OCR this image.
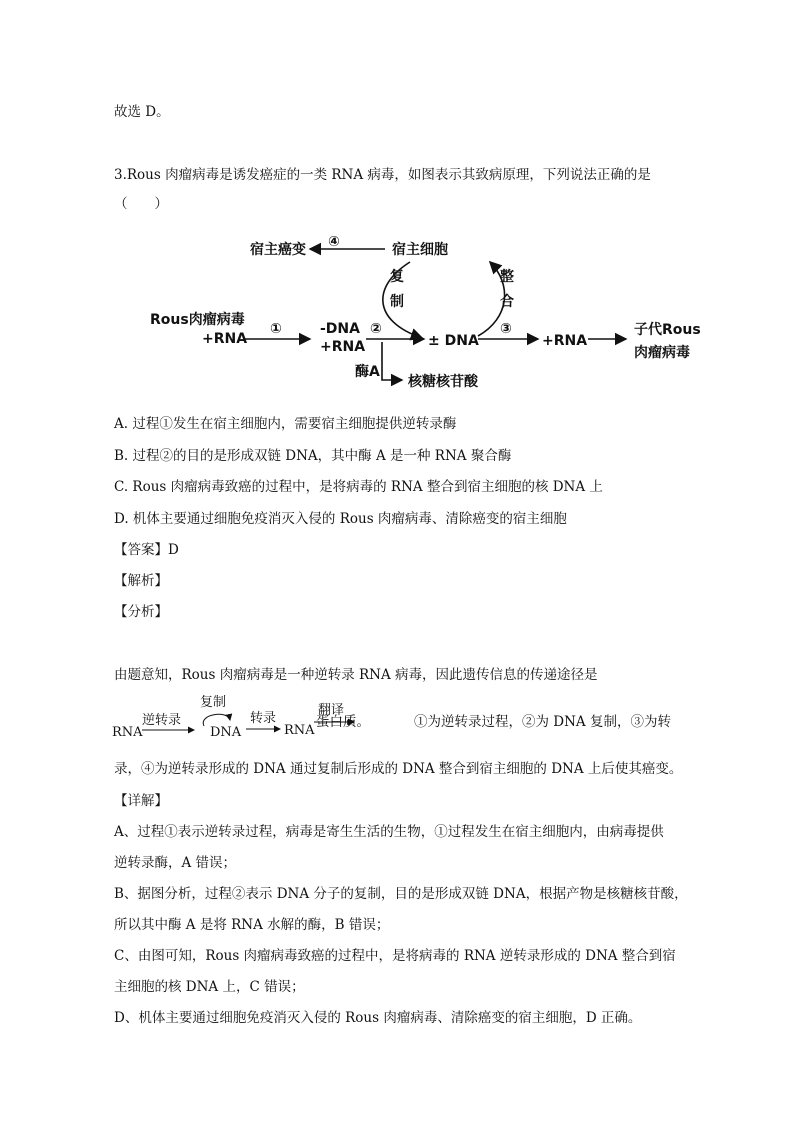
故选 D。
3.Rous 肉瘤病毒是诱发癌症的一类 RNA 病毒，如图表示其致病原理，下列说法正确的是
（　　）
宿主癌变 ④	宿主细胞
复
制
整
合
Rous肉瘤病毒
+RNA
①	-DNA
+RNA
②
± DNA
③
+RNA
子代Rous
肉瘤病毒
酶A
核糖核苷酸
A. 过程①发生在宿主细胞内，需要宿主细胞提供逆转录酶
B. 过程②的目的是形成双链 DNA，其中酶 A 是一种 RNA 聚合酶
C. Rous 肉瘤病毒致癌的过程中，是将病毒的 RNA 整合到宿主细胞的核 DNA 上
D. 机体主要通过细胞免疫消灭入侵的 Rous 肉瘤病毒、清除癌变的宿主细胞
【答案】D
【解析】
【分析】
由题意知，Rous 肉瘤病毒是一种逆转录 RNA 病毒，因此遗传信息的传递途径是
RNA
逆转录
DNA
复制
转录
RNA
翻译
蛋白质。	①为逆转录过程，②为 DNA 复制，③为转
录，④为逆转录形成的 DNA 通过复制后形成的 DNA 整合到宿主细胞的 DNA 上后使其癌变。
【详解】
A、过程①表示逆转录过程，病毒是寄生生活的生物，①过程发生在宿主细胞内，由病毒提供
逆转录酶，A 错误；
B、据图分析，过程②表示 DNA 分子的复制，目的是形成双链 DNA，根据产物是核糖核苷酸，
所以其中酶 A 是将 RNA 水解的酶，B 错误；
C、由图可知，Rous 肉瘤病毒致癌的过程中，是将病毒的 RNA 逆转录形成的 DNA 整合到宿
主细胞的核 DNA 上，C 错误；
D、机体主要通过细胞免疫消灭入侵的 Rous 肉瘤病毒、清除癌变的宿主细胞，D 正确。
